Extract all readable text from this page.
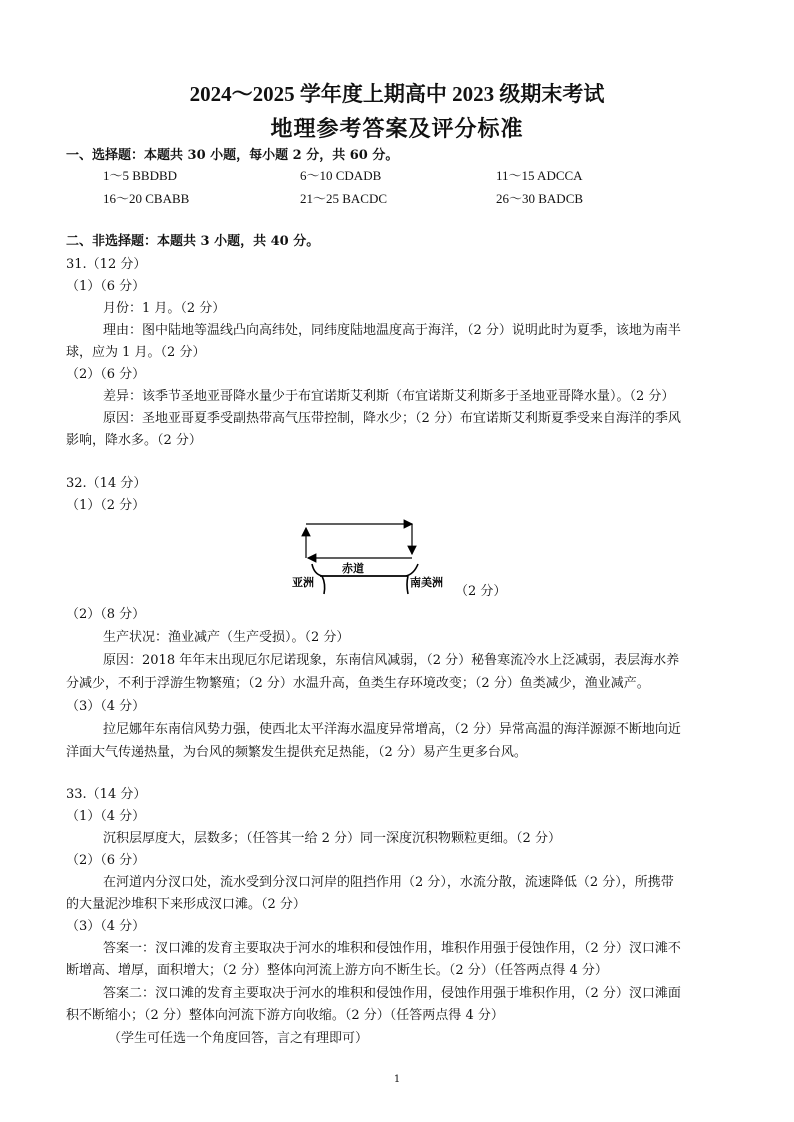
2024～2025 学年度上期高中 2023 级期末考试
地理参考答案及评分标准
一、选择题：本题共 30 小题，每小题 2 分，共 60 分。
1～5 BBDBD	6～10 CDADB	11～15 ADCCA
16～20 CBABB	21～25 BACDC	26～30 BADCB
二、非选择题：本题共 3 小题，共 40 分。
31.（12 分）
（1）（6 分）
月份：1 月。（2 分）
理由：图中陆地等温线凸向高纬处，同纬度陆地温度高于海洋，（2 分）说明此时为夏季，该地为南半
球，应为 1 月。（2 分）
（2）（6 分）
差异：该季节圣地亚哥降水量少于布宜诺斯艾利斯（布宜诺斯艾利斯多于圣地亚哥降水量）。（2 分）
原因：圣地亚哥夏季受副热带高气压带控制，降水少；（2 分）布宜诺斯艾利斯夏季受来自海洋的季风
影响，降水多。（2 分）
32.（14 分）
（1）（2 分）
亚洲
赤道
南美洲
（2 分）
（2）（8 分）
生产状况：渔业减产（生产受损）。（2 分）
原因：2018 年年末出现厄尔尼诺现象，东南信风减弱，（2 分）秘鲁寒流冷水上泛减弱，表层海水养
分减少，不利于浮游生物繁殖；（2 分）水温升高，鱼类生存环境改变；（2 分）鱼类减少，渔业减产。
（3）（4 分）
拉尼娜年东南信风势力强，使西北太平洋海水温度异常增高，（2 分）异常高温的海洋源源不断地向近
洋面大气传递热量，为台风的频繁发生提供充足热能，（2 分）易产生更多台风。
33.（14 分）
（1）（4 分）
沉积层厚度大，层数多；（任答其一给 2 分）同一深度沉积物颗粒更细。（2 分）
（2）（6 分）
在河道内分汊口处，流水受到分汊口河岸的阻挡作用（2 分），水流分散，流速降低（2 分），所携带
的大量泥沙堆积下来形成汊口滩。（2 分）
（3）（4 分）
答案一：汊口滩的发育主要取决于河水的堆积和侵蚀作用，堆积作用强于侵蚀作用，（2 分）汊口滩不
断增高、增厚，面积增大；（2 分）整体向河流上游方向不断生长。（2 分）（任答两点得 4 分）
答案二：汊口滩的发育主要取决于河水的堆积和侵蚀作用，侵蚀作用强于堆积作用，（2 分）汊口滩面
积不断缩小；（2 分）整体向河流下游方向收缩。（2 分）（任答两点得 4 分）
（学生可任选一个角度回答，言之有理即可）
1
